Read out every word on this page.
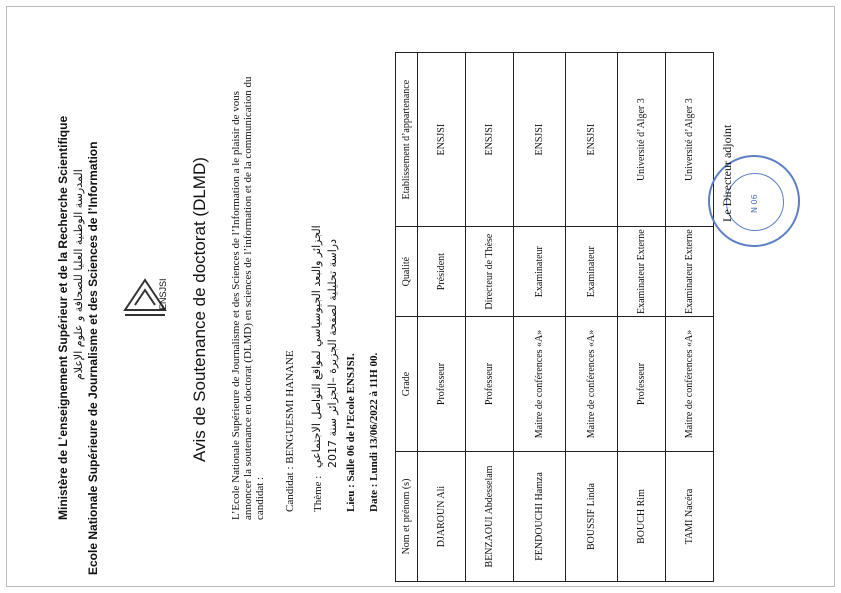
Ministère de L’enseignement Supérieur et de la Recherche Scientifique المدرسة الوطنية العليا للصحافة و علوم الإعلام Ecole Nationale Supérieure de Journalisme et des Sciences de l’Information	ENSJSI Avis de Soutenance de doctorat (DLMD) L’Ecole Nationale Supérieure de Journalisme et des Sciences de l’Information a le plaisir de vous annoncer la soutenance en doctorat (DLMD) en sciences de l’information et de la communication du candidat : Candidat : BENGUESMI HANANE Thème :
الجزائر والبعد الجيوسياسي لمواقع التواصل الاجتماعي دراسة تحليلية لصفحة الجزيرة –الجزائر سنة 2017 Lieu : Salle 06 de l’Ecole ENSJSI. Date : Lundi 13/06/2022 à 11H 00.
Nom et prénom (s)	Grade	Qualité	Etablissement d’appartenance
DJAROUN Ali	Professeur	Président	ENSJSI
BENZAOUI Abdesselam	Professeur	Directeur de Thèse	ENSJSI
FENDOUCHI Hamza	Maitre de conférences «A»	Examinateur	ENSJSI
BOUSSIF Linda	Maitre de conférences «A»	Examinateur	ENSJSI
BOUCH Rim	Professeur	Examinateur Externe	Université d’Alger 3
TAMI Nacéra	Maitre de conférences «A»	Examinateur Externe	Université d’Alger 3
N 06
Le Directeur adjoint
